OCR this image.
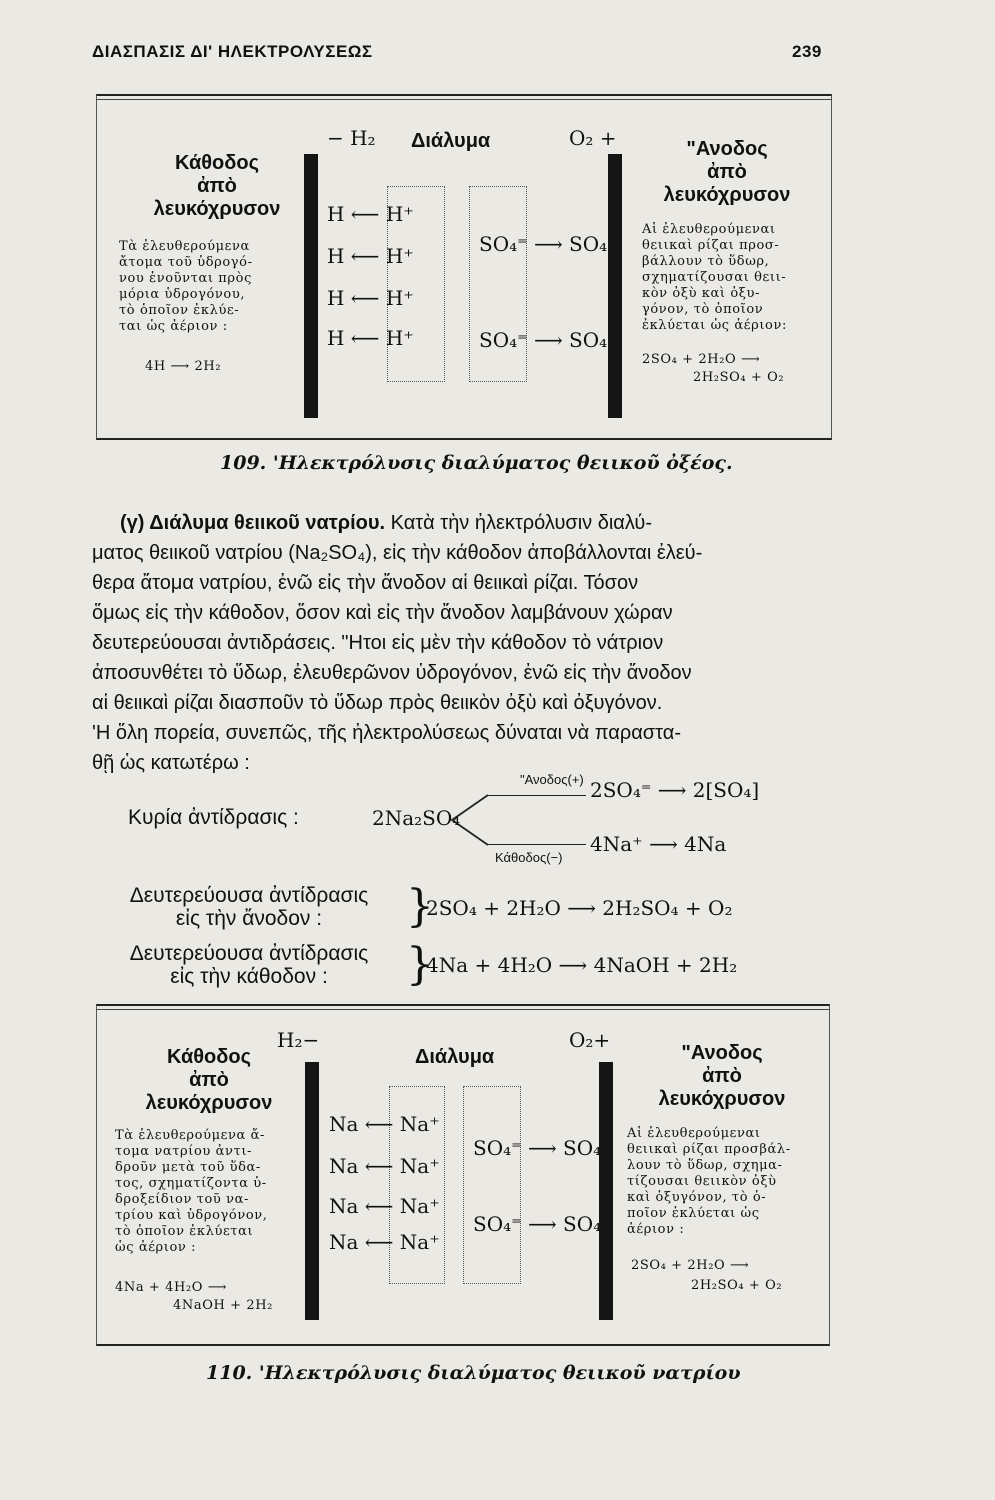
ΔΙΑΣΠΑΣΙΣ ΔΙ' ΗΛΕΚΤΡΟΛΥΣΕΩΣ	239
Κάθοδος
ἀπὸ
λευκόχρυσον
Τὰ ἐλευθερούμενα
ἄτομα τοῦ ὑδρογό-
νου ἑνοῦνται πρὸς
μόρια ὑδρογόνου,
τὸ ὁποῖον ἐκλύε-
ται ὡς ἀέριον :
4H ⟶ 2H₂
− H₂ Διάλυμα	O₂ +
H ⟵ H⁺
H ⟵ H⁺
H ⟵ H⁺
H ⟵ H⁺
SO₄⁼ ⟶ SO₄
SO₄⁼ ⟶ SO₄
"Ανοδος
ἀπὸ
λευκόχρυσον
Αἱ ἐλευθερούμεναι
θειικαὶ ρίζαι προσ-
βάλλουν τὸ ὕδωρ,
σχηματίζουσαι θειι-
κὸν ὀξὺ καὶ ὀξυ-
γόνον, τὸ ὁποῖον
ἐκλύεται ὡς ἀέριον:
2SO₄ + 2H₂O ⟶
2H₂SO₄ + O₂
109. 'Ηλεκτρόλυσις διαλύματος θειικοῦ ὀξέος.
(γ) Διάλυμα θειικοῦ νατρίου. Κατὰ τὴν ἠλεκτρόλυσιν διαλύ-
ματος θειικοῦ νατρίου (Na₂SO₄), εἰς τὴν κάθοδον ἀποβάλλονται ἐλεύ-
θερα ἄτομα νατρίου, ἐνῶ εἰς τὴν ἄνοδον αἱ θειικαὶ ρίζαι. Τόσον
ὅμως εἰς τὴν κάθοδον, ὅσον καὶ εἰς τὴν ἄνοδον λαμβάνουν χώραν
δευτερεύουσαι ἀντιδράσεις. "Ητοι εἰς μὲν τὴν κάθοδον τὸ νάτριον
ἀποσυνθέτει τὸ ὕδωρ, ἐλευθερῶνον ὑδρογόνον, ἐνῶ εἰς τὴν ἄνοδον
αἱ θειικαὶ ρίζαι διασποῦν τὸ ὕδωρ πρὸς θειικὸν ὀξὺ καὶ ὀξυγόνον.
'Η ὅλη πορεία, συνεπῶς, τῆς ἠλεκτρολύσεως δύναται νὰ παραστα-
θῇ ὡς κατωτέρω :
"Ανοδος(+) 2SO₄⁼ ⟶ 2[SO₄]
Κυρία ἀντίδρασις :	2Na₂SO₄
4Na⁺ ⟶ 4Na
Κάθοδος(−)
Δευτερεύουσα ἀντίδρασις
εἰς τὴν ἄνοδον :	}
2SO₄ + 2H₂O ⟶ 2H₂SO₄ + O₂
Δευτερεύουσα ἀντίδρασις
εἰς τὴν κάθοδον :	}
4Na + 4H₂O ⟶ 4NaOH + 2H₂
Κάθοδος
ἀπὸ
λευκόχρυσον
Τὰ ἐλευθερούμενα ἄ-
τομα νατρίου ἀντι-
δροῦν μετὰ τοῦ ὕδα-
τος, σχηματίζοντα ὑ-
δροξείδιον τοῦ να-
τρίου καὶ ὑδρογόνον,
τὸ ὁποῖον ἐκλύεται
ὡς ἀέριον :
4Na + 4H₂O ⟶
4NaOH + 2H₂
H₂−
Διάλυμα
O₂+
Na ⟵ Na⁺
Na ⟵ Na⁺
Na ⟵ Na⁺
Na ⟵ Na⁺
SO₄⁼ ⟶ SO₄
SO₄⁼ ⟶ SO₄
"Ανοδος
ἀπὸ
λευκόχρυσον
Αἱ ἐλευθερούμεναι
θειικαὶ ρίζαι προσβάλ-
λουν τὸ ὕδωρ, σχημα-
τίζουσαι θειικὸν ὀξὺ
καὶ ὀξυγόνον, τὸ ὁ-
ποῖον ἐκλύεται ὡς
ἀέριον :
2SO₄ + 2H₂O ⟶
2H₂SO₄ + O₂
110. 'Ηλεκτρόλυσις διαλύματος θειικοῦ νατρίου
